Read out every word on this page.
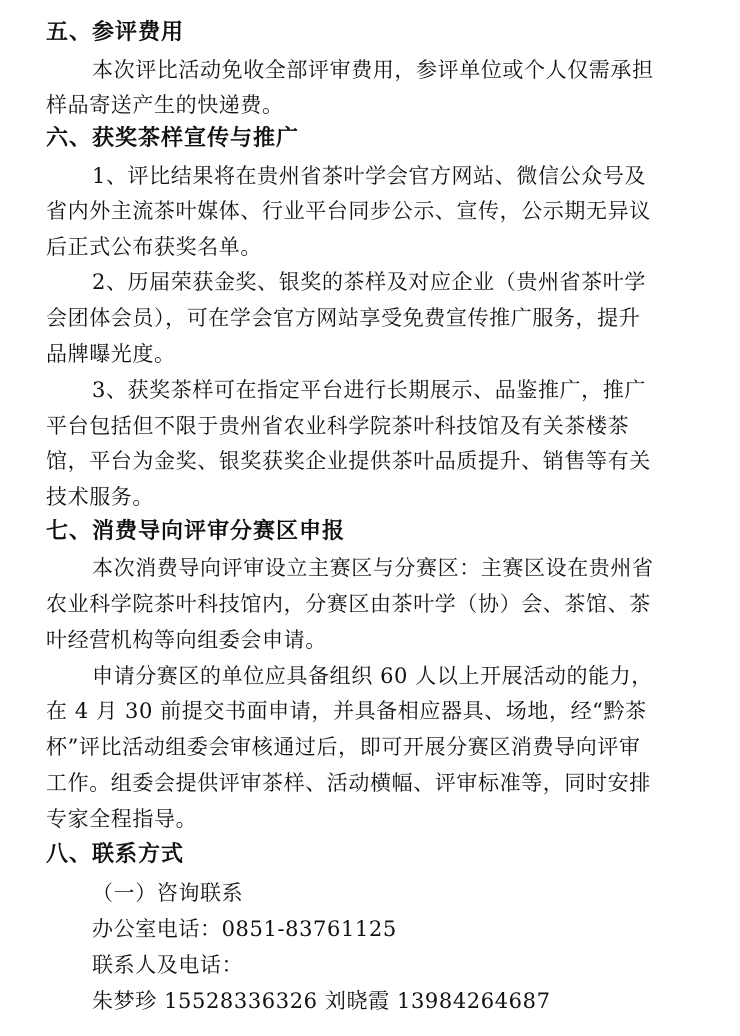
五、参评费用
本次评比活动免收全部评审费用，参评单位或个人仅需承担
样品寄送产生的快递费。
六、获奖茶样宣传与推广
1、评比结果将在贵州省茶叶学会官方网站、微信公众号及
省内外主流茶叶媒体、行业平台同步公示、宣传，公示期无异议
后正式公布获奖名单。
2、历届荣获金奖、银奖的茶样及对应企业（贵州省茶叶学
会团体会员），可在学会官方网站享受免费宣传推广服务，提升
品牌曝光度。
3、获奖茶样可在指定平台进行长期展示、品鉴推广，推广
平台包括但不限于贵州省农业科学院茶叶科技馆及有关茶楼茶
馆，平台为金奖、银奖获奖企业提供茶叶品质提升、销售等有关
技术服务。
七、消费导向评审分赛区申报
本次消费导向评审设立主赛区与分赛区：主赛区设在贵州省
农业科学院茶叶科技馆内，分赛区由茶叶学（协）会、茶馆、茶
叶经营机构等向组委会申请。
申请分赛区的单位应具备组织 60 人以上开展活动的能力，
在 4 月 30 前提交书面申请，并具备相应器具、场地，经“黔茶
杯”评比活动组委会审核通过后，即可开展分赛区消费导向评审
工作。组委会提供评审茶样、活动横幅、评审标准等，同时安排
专家全程指导。
八、联系方式
（一）咨询联系
办公室电话：0851-83761125
联系人及电话：
朱梦珍 15528336326 刘晓霞 13984264687
